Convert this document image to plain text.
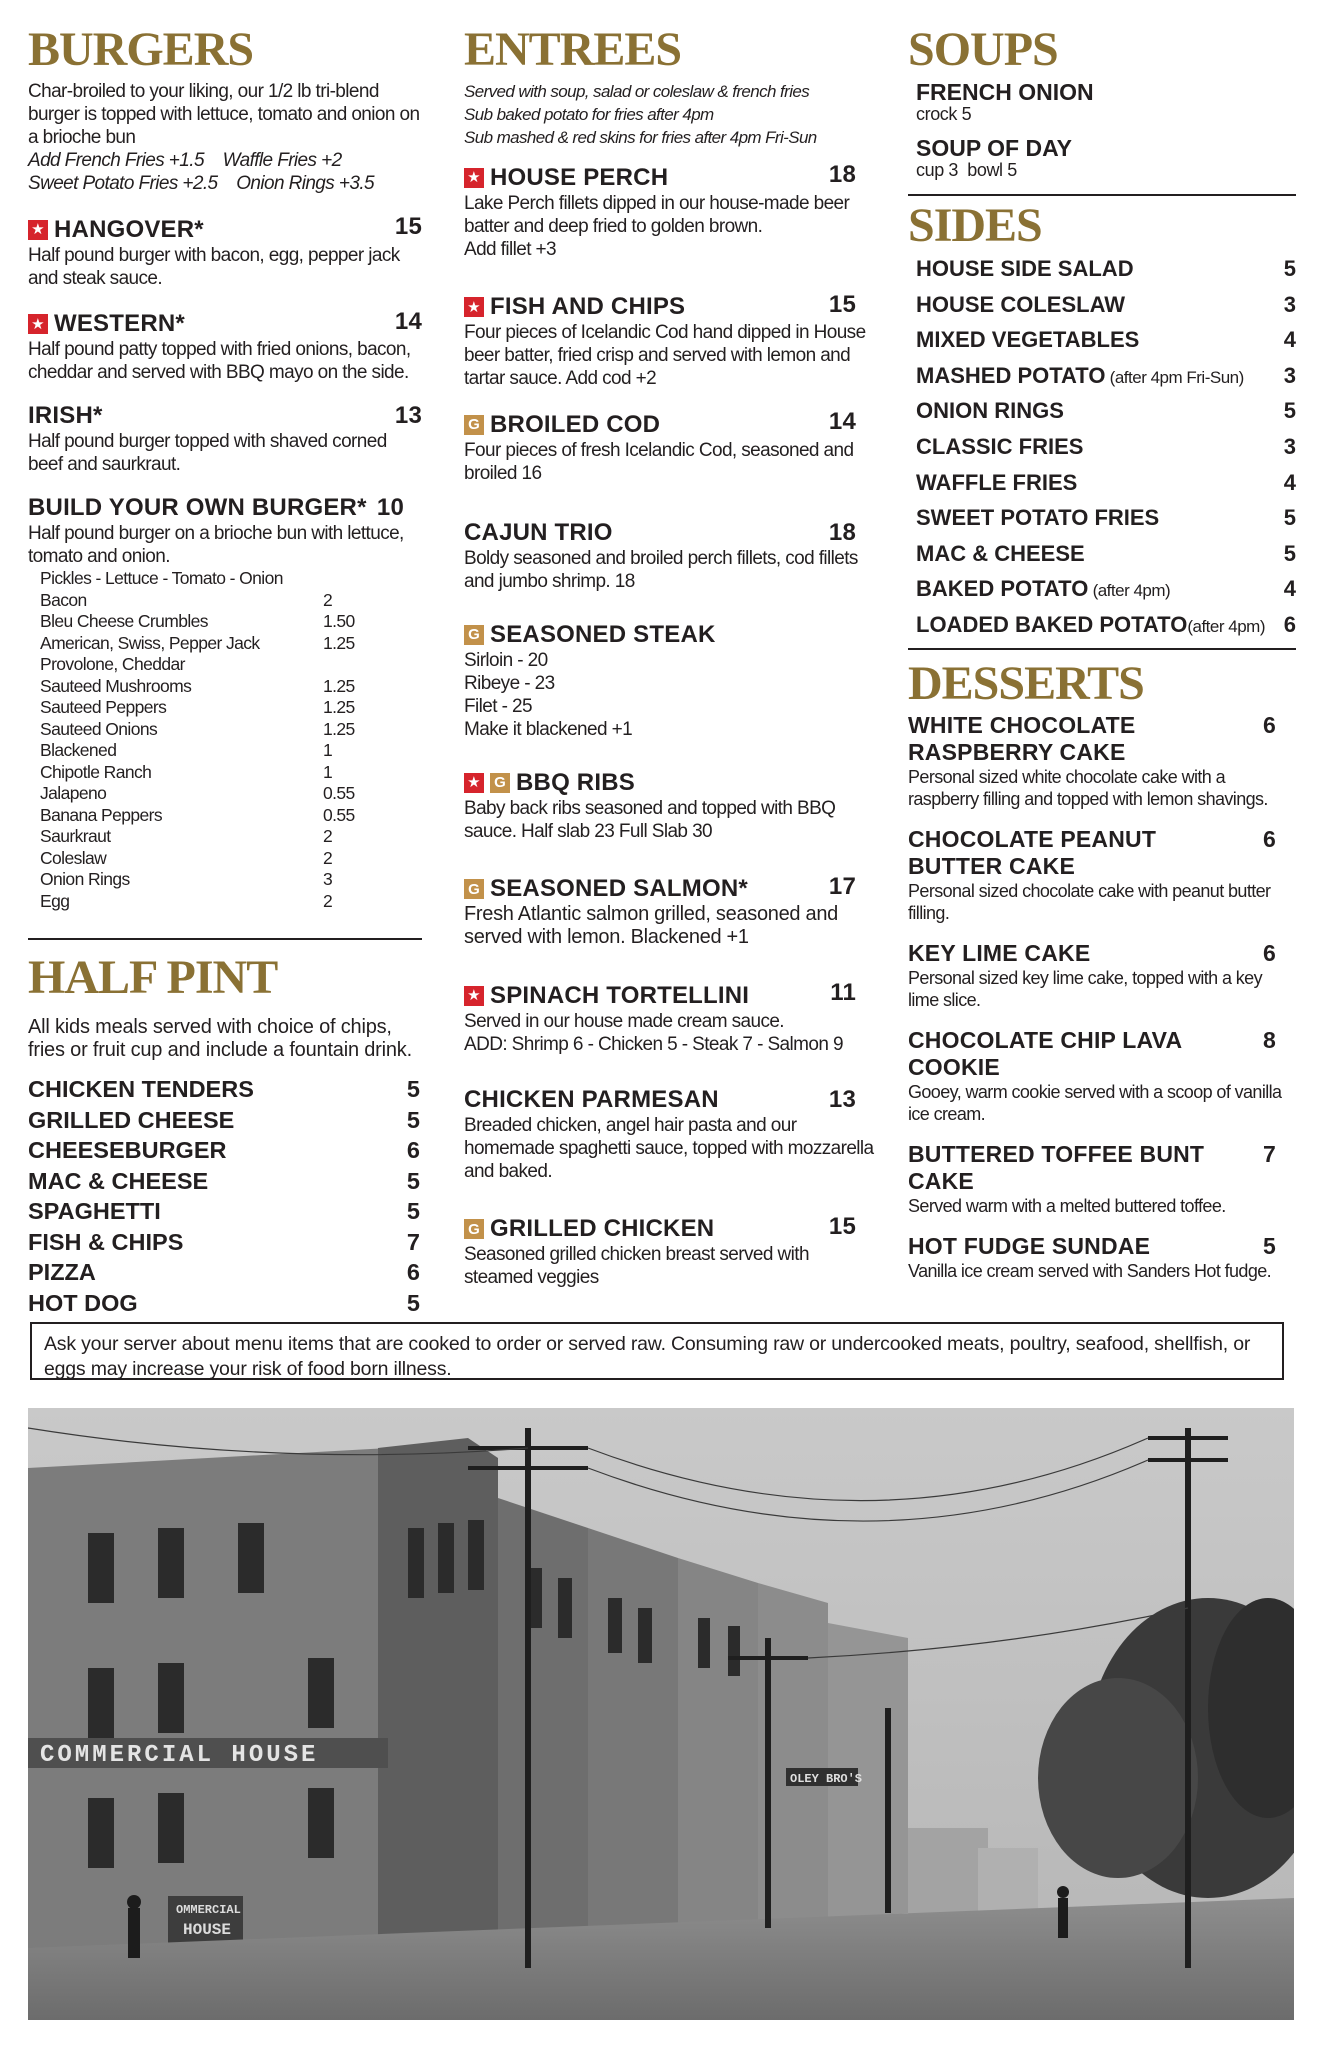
BURGERS

Char-broiled to your liking, our 1/2 lb tri-blend burger is topped with lettuce, tomato and onion on a brioche bun

Add French Fries +1.5    Waffle Fries +2

Sweet Potato Fries +2.5    Onion Rings +3.5

★ HANGOVER*	15

Half pound burger with bacon, egg, pepper jack and steak sauce.

★ WESTERN*	14

Half pound patty topped with fried onions, bacon, cheddar and served with BBQ mayo on the side.

IRISH*	13

Half pound burger topped with shaved corned beef and saurkraut.

BUILD YOUR OWN BURGER* 10

Half pound burger on a brioche bun with lettuce, tomato and onion.

Pickles - Lettuce - Tomato - Onion
Bacon	2
Bleu Cheese Crumbles	1.50
American, Swiss, Pepper Jack	1.25
Provolone, Cheddar
Sauteed Mushrooms	1.25
Sauteed Peppers	1.25
Sauteed Onions	1.25
Blackened	1
Chipotle Ranch	1
Jalapeno	0.55
Banana Peppers	0.55
Saurkraut	2
Coleslaw	2
Onion Rings	3
Egg	2
HALF PINT

All kids meals served with choice of chips, fries or fruit cup and include a fountain drink.

CHICKEN TENDERS	5
GRILLED CHEESE	5
CHEESEBURGER	6
MAC & CHEESE	5
SPAGHETTI	5
FISH & CHIPS	7
PIZZA	6
HOT DOG	5
ENTREES
Served with soup, salad or coleslaw & french fries
Sub baked potato for fries after 4pm
Sub mashed & red skins for fries after 4pm Fri-Sun
★ HOUSE PERCH	18

Lake Perch fillets dipped in our house-made beer batter and deep fried to golden brown.

Add fillet +3

★ FISH AND CHIPS	15

Four pieces of Icelandic Cod hand dipped in House beer batter, fried crisp and served with lemon and tartar sauce. Add cod +2

G BROILED COD	14

Four pieces of fresh Icelandic Cod, seasoned and broiled 16

CAJUN TRIO	18

Boldy seasoned and broiled perch fillets, cod fillets and jumbo shrimp. 18

G SEASONED STEAK

Sirloin - 20

Ribeye - 23

Filet - 25

Make it blackened +1

★ G BBQ RIBS

Baby back ribs seasoned and topped with BBQ sauce. Half slab 23 Full Slab 30

G SEASONED SALMON*	17

Fresh Atlantic salmon grilled, seasoned and served with lemon. Blackened +1

★ SPINACH TORTELLINI	11

Served in our house made cream sauce.

ADD: Shrimp 6 - Chicken 5 - Steak 7 - Salmon 9

CHICKEN PARMESAN	13

Breaded chicken, angel hair pasta and our homemade spaghetti sauce, topped with mozzarella and baked.

G GRILLED CHICKEN	15

Seasoned grilled chicken breast served with steamed veggies

SOUPS
FRENCH ONION
crock 5
SOUP OF DAY
cup 3  bowl 5
SIDES
HOUSE SIDE SALAD	5
HOUSE COLESLAW	3
MIXED VEGETABLES	4
MASHED POTATO (after 4pm Fri-Sun) 3
ONION RINGS	5
CLASSIC FRIES	3
WAFFLE FRIES	4
SWEET POTATO FRIES	5
MAC & CHEESE	5
BAKED POTATO (after 4pm)	4
LOADED BAKED POTATO(after 4pm) 6
DESSERTS
WHITE CHOCOLATE RASPBERRY CAKE
6

Personal sized white chocolate cake with a raspberry filling and topped with lemon shavings.

CHOCOLATE PEANUT BUTTER CAKE
6

Personal sized chocolate cake with peanut butter filling.

KEY LIME CAKE	6

Personal sized key lime cake, topped with a key lime slice.

CHOCOLATE CHIP LAVA COOKIE
8

Gooey, warm cookie served with a scoop of vanilla ice cream.

BUTTERED TOFFEE BUNT CAKE
7

Served warm with a melted buttered toffee.

HOT FUDGE SUNDAE	5

Vanilla ice cream served with Sanders Hot fudge.

Ask your server about menu items that are cooked to order or served raw. Consuming raw or undercooked meats, poultry, seafood, shellfish, or eggs may increase your risk of food born illness.
COMMERCIAL HOUSE
OMMERCIAL
HOUSE
OLEY BRO'S
